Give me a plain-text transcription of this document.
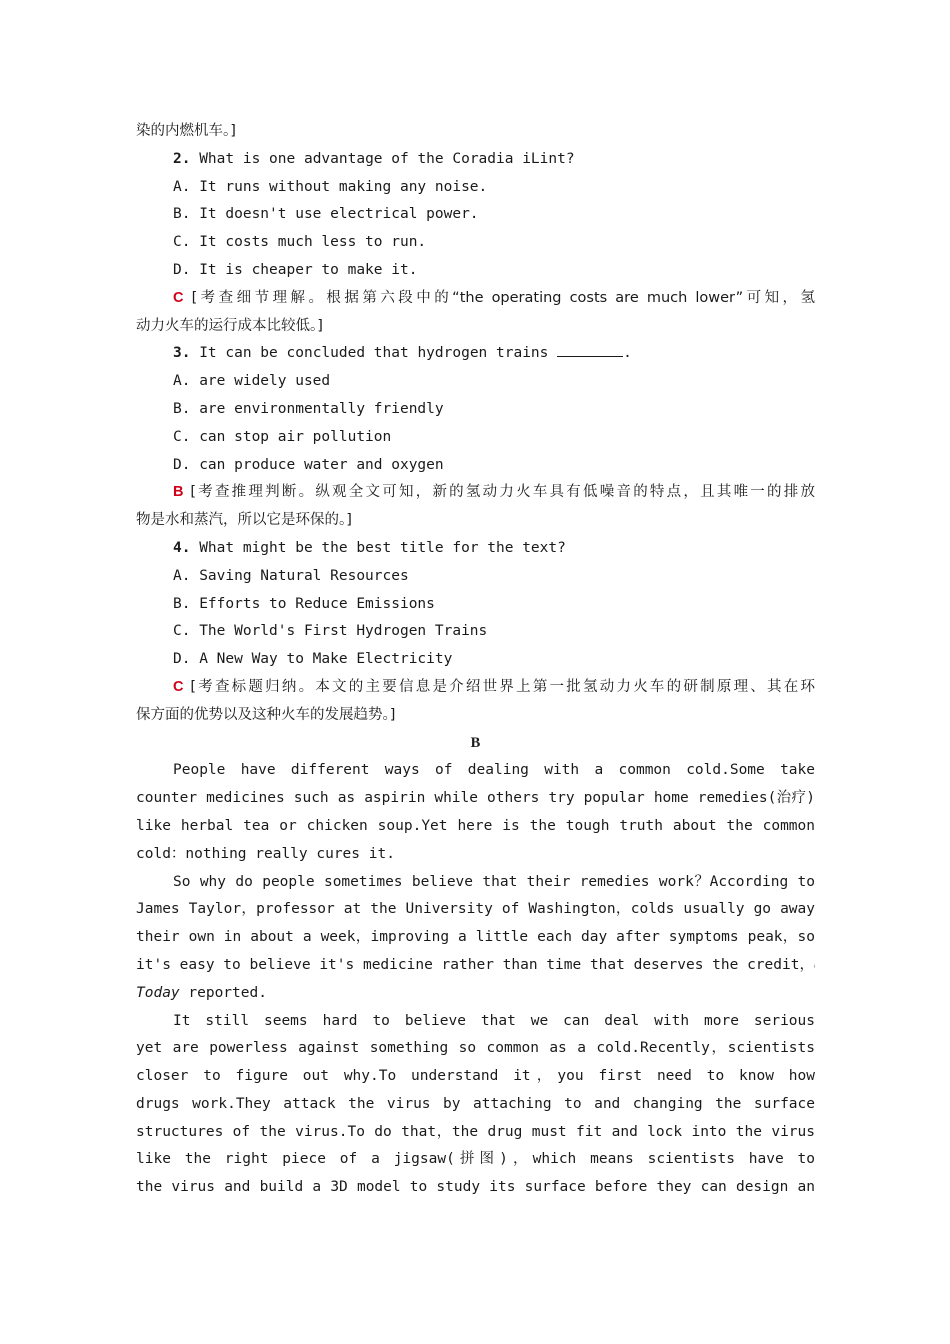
染的内燃机车。]
2. What is one advantage of the Coradia iLint?
A. It runs without making any noise.
B. It doesn't use electrical power.
C. It costs much less to run.
D. It is cheaper to make it.
C [考查细节理解。根据第六段中的“the operating costs are much lower”可知，氢
动力火车的运行成本比较低。]
3. It can be concluded that hydrogen trains	.
A. are widely used
B. are environmentally friendly
C. can stop air pollution
D. can produce water and oxygen
B [考查推理判断。纵观全文可知，新的氢动力火车具有低噪音的特点，且其唯一的排放
物是水和蒸汽，所以它是环保的。]
4. What might be the best title for the text?
A. Saving Natural Resources
B. Efforts to Reduce Emissions
C. The World's First Hydrogen Trains
D. A New Way to Make Electricity
C [考查标题归纳。本文的主要信息是介绍世界上第一批氢动力火车的研制原理、其在环
保方面的优势以及这种火车的发展趋势。]
B
People have different ways of dealing with a common cold.Some take
counter medicines such as aspirin while others try popular home remedies(治疗)
like herbal tea or chicken soup.Yet here is the tough truth about the common
cold：nothing really cures it.
So why do people sometimes believe that their remedies work？According to
James Taylor，professor at the University of Washington，colds usually go away
their own in about a week，improving a little each day after symptoms peak，so
it's easy to believe it's medicine rather than time that deserves the credit，
Today reported.
It still seems hard to believe that we can deal with more serious
yet are powerless against something so common as a cold.Recently，scientists
closer to figure out why.To understand it，you first need to know how
drugs work.They attack the virus by attaching to and changing the surface
structures of the virus.To do that，the drug must fit and lock into the virus
like the right piece of a jigsaw(拼图)，which means scientists have to
the virus and build a 3D model to study its surface before they can design an
